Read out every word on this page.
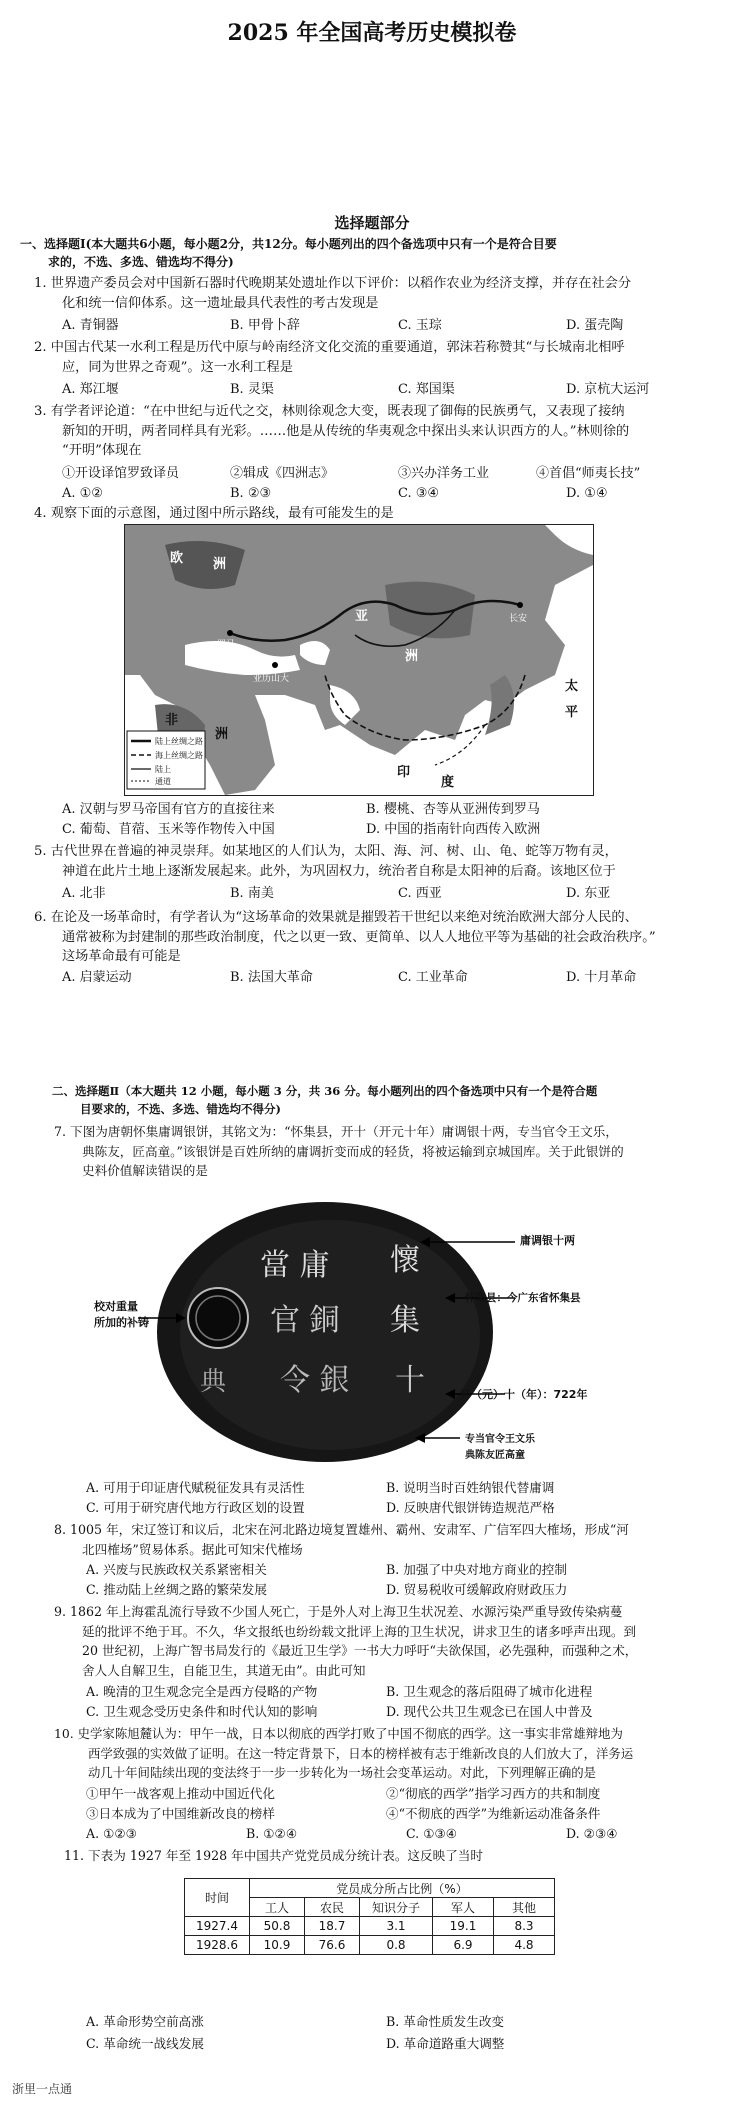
2025 年全国高考历史模拟卷
选择题部分
一、选择题Ⅰ(本大题共6小题，每小题2分，共12分。每小题列出的四个备选项中只有一个是符合目要
求的，不选、多选、错选均不得分)
1. 世界遗产委员会对中国新石器时代晚期某处遗址作以下评价：以稻作农业为经济支撑，并存在社会分
化和统一信仰体系。这一遗址最具代表性的考古发现是
A. 青铜器	B. 甲骨卜辞	C. 玉琮	D. 蛋壳陶
2. 中国古代某一水利工程是历代中原与岭南经济文化交流的重要通道，郭沫若称赞其“与长城南北相呼
应，同为世界之奇观”。这一水利工程是
A. 郑江堰	B. 灵渠	C. 郑国渠	D. 京杭大运河
3. 有学者评论道：“在中世纪与近代之交，林则徐观念大变，既表现了御侮的民族勇气，又表现了接纳
新知的开明，两者同样具有光彩。……他是从传统的华夷观念中探出头来认识西方的人。”林则徐的
“开明”体现在
①开设译馆罗致译员	②辑成《四洲志》	③兴办洋务工业	④首倡“师夷长技”
A. ①②	B. ②③	C. ③④	D. ①④
4. 观察下面的示意图，通过图中所示路线，最有可能发生的是
欧 洲
亚
洲
非
洲
印
度
太
平
长安
罗马
亚历山大
陆上丝绸之路
海上丝绸之路
陆上
通道
A. 汉朝与罗马帝国有官方的直接往来	B. 樱桃、杏等从亚洲传到罗马
C. 葡萄、苜蓿、玉米等作物传入中国	D. 中国的指南针向西传入欧洲
5. 古代世界在普遍的神灵崇拜。如某地区的人们认为，太阳、海、河、树、山、龟、蛇等万物有灵，
神道在此片土地上逐渐发展起来。此外，为巩固权力，统治者自称是太阳神的后裔。该地区位于
A. 北非	B. 南美	C. 西亚	D. 东亚
6. 在论及一场革命时，有学者认为“这场革命的效果就是摧毁若干世纪以来绝对统治欧洲大部分人民的、
通常被称为封建制的那些政治制度，代之以更一致、更简单、以人人地位平等为基础的社会政治秩序。”
这场革命最有可能是
A. 启蒙运动	B. 法国大革命	C. 工业革命	D. 十月革命
二、选择题Ⅱ（本大题共 12 小题，每小题 3 分，共 36 分。每小题列出的四个备选项中只有一个是符合题
目要求的，不选、多选、错选均不得分)
7. 下图为唐朝怀集庸调银饼，其铭文为：“怀集县，开十（开元十年）庸调银十两，专当官令王文乐，
典陈友，匠高童。”该银饼是百姓所纳的庸调折变而成的轻货，将被运输到京城国库。关于此银饼的
史料价值解读错误的是
當 庸
官 銅
令 銀
懷
集
十
典
庸调银十两
怀集县：今广东省怀集县
开（元）十（年）：722年
专当官令王文乐
典陈友匠高童
校对重量
所加的补铸
A. 可用于印证唐代赋税征发具有灵活性	B. 说明当时百姓纳银代替庸调
C. 可用于研究唐代地方行政区划的设置	D. 反映唐代银饼铸造规范严格
8. 1005 年，宋辽签订和议后，北宋在河北路边境复置雄州、霸州、安肃军、广信军四大榷场，形成“河
北四榷场”贸易体系。据此可知宋代榷场
A. 兴废与民族政权关系紧密相关	B. 加强了中央对地方商业的控制
C. 推动陆上丝绸之路的繁荣发展	D. 贸易税收可缓解政府财政压力
9. 1862 年上海霍乱流行导致不少国人死亡，于是外人对上海卫生状况差、水源污染严重导致传染病蔓
延的批评不绝于耳。不久，华文报纸也纷纷载文批评上海的卫生状况，讲求卫生的诸多呼声出现。到
20 世纪初，上海广智书局发行的《最近卫生学》一书大力呼吁“夫欲保国，必先强种，而强种之术，
舍人人自解卫生，自能卫生，其道无由”。由此可知
A. 晚清的卫生观念完全是西方侵略的产物	B. 卫生观念的落后阻碍了城市化进程
C. 卫生观念受历史条件和时代认知的影响	D. 现代公共卫生观念已在国人中普及
10. 史学家陈旭麓认为：甲午一战，日本以彻底的西学打败了中国不彻底的西学。这一事实非常雄辩地为
西学致强的实效做了证明。在这一特定背景下，日本的榜样被有志于维新改良的人们放大了，洋务运
动几十年间陆续出现的变法终于一步一步转化为一场社会变革运动。对此，下列理解正确的是
①甲午一战客观上推动中国近代化	②“彻底的西学”指学习西方的共和制度
③日本成为了中国维新改良的榜样	④“不彻底的西学”为维新运动准备条件
A. ①②③	B. ①②④	C. ①③④	D. ②③④
11. 下表为 1927 年至 1928 年中国共产党党员成分统计表。这反映了当时
时间	党员成分所占比例（%）				
	工人	农民	知识分子	军人	其他
1927.4	50.8	18.7	3.1	19.1	8.3
1928.6	10.9	76.6	0.8	6.9	4.8
A. 革命形势空前高涨	B. 革命性质发生改变
C. 革命统一战线发展	D. 革命道路重大调整
浙里一点通
